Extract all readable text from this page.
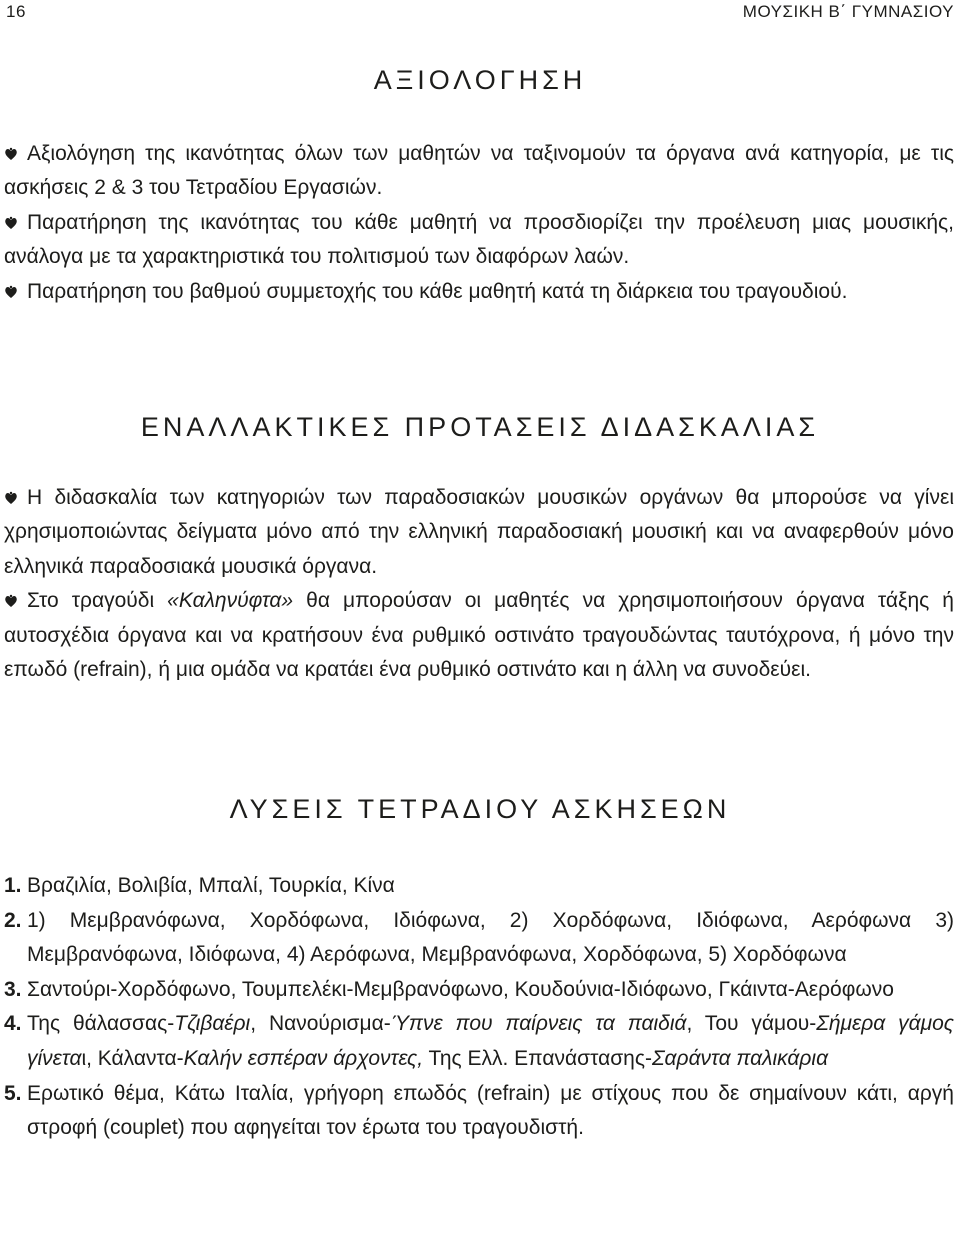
16	ΜΟΥΣΙΚΗ Β΄ ΓΥΜΝΑΣΙΟΥ
ΑΞΙΟΛΟΓΗΣΗ

Αξιολόγηση της ικανότητας όλων των μαθητών να ταξινομούν τα όργανα ανά κατηγορία, με τις ασκήσεις 2 & 3 του Τετραδίου Εργασιών.

Παρατήρηση της ικανότητας του κάθε μαθητή να προσδιορίζει την προέλευση μιας μουσικής, ανάλογα με τα χαρακτηριστικά του πολιτισμού των διαφόρων λαών.

Παρατήρηση του βαθμού συμμετοχής του κάθε μαθητή κατά τη διάρκεια του τραγουδιού.

ΕΝΑΛΛΑΚΤΙΚΕΣ ΠΡΟΤΑΣΕΙΣ ΔΙΔΑΣΚΑΛΙΑΣ

Η διδασκαλία των κατηγοριών των παραδοσιακών μουσικών οργάνων θα μπορούσε να γίνει χρησιμοποιώντας δείγματα μόνο από την ελληνική παραδοσιακή μουσική και να αναφερθούν μόνο ελληνικά παραδοσιακά μουσικά όργανα.

Στο τραγούδι «Καληνύφτα» θα μπορούσαν οι μαθητές να χρησιμοποιήσουν όργανα τάξης ή αυτοσχέδια όργανα και να κρατήσουν ένα ρυθμικό οστινάτο τραγουδώντας ταυτόχρονα, ή μόνο την επωδό (refrain), ή μια ομάδα να κρατάει ένα ρυθμικό οστινάτο και η άλλη να συνοδεύει.

ΛΥΣΕΙΣ ΤΕΤΡΑΔΙΟΥ ΑΣΚΗΣΕΩΝ

1. Βραζιλία, Βολιβία, Μπαλί, Τουρκία, Κίνα

2. 1) Μεμβρανόφωνα, Χορδόφωνα, Ιδιόφωνα, 2) Χορδόφωνα, Ιδιόφωνα, Αερόφωνα 3) Μεμβρανόφωνα, Ιδιόφωνα, 4) Αερόφωνα, Μεμβρανόφωνα, Χορδόφωνα, 5) Χορδόφωνα

3. Σαντούρι-Χορδόφωνο, Τουμπελέκι-Μεμβρανόφωνο, Κουδούνια-Ιδιόφωνο, Γκάιντα-Αερόφωνο

4. Της θάλασσας-Τζιβαέρι, Νανούρισμα-Ύπνε που παίρνεις τα παιδιά, Του γάμου-Σήμερα γάμος γίνεται, Κάλαντα-Καλήν εσπέραν άρχοντες, Της Ελλ. Επανάστασης-Σαράντα παλικάρια

5. Ερωτικό θέμα, Κάτω Ιταλία, γρήγορη επωδός (refrain) με στίχους που δε σημαίνουν κάτι, αργή στροφή (couplet) που αφηγείται τον έρωτα του τραγουδιστή.
